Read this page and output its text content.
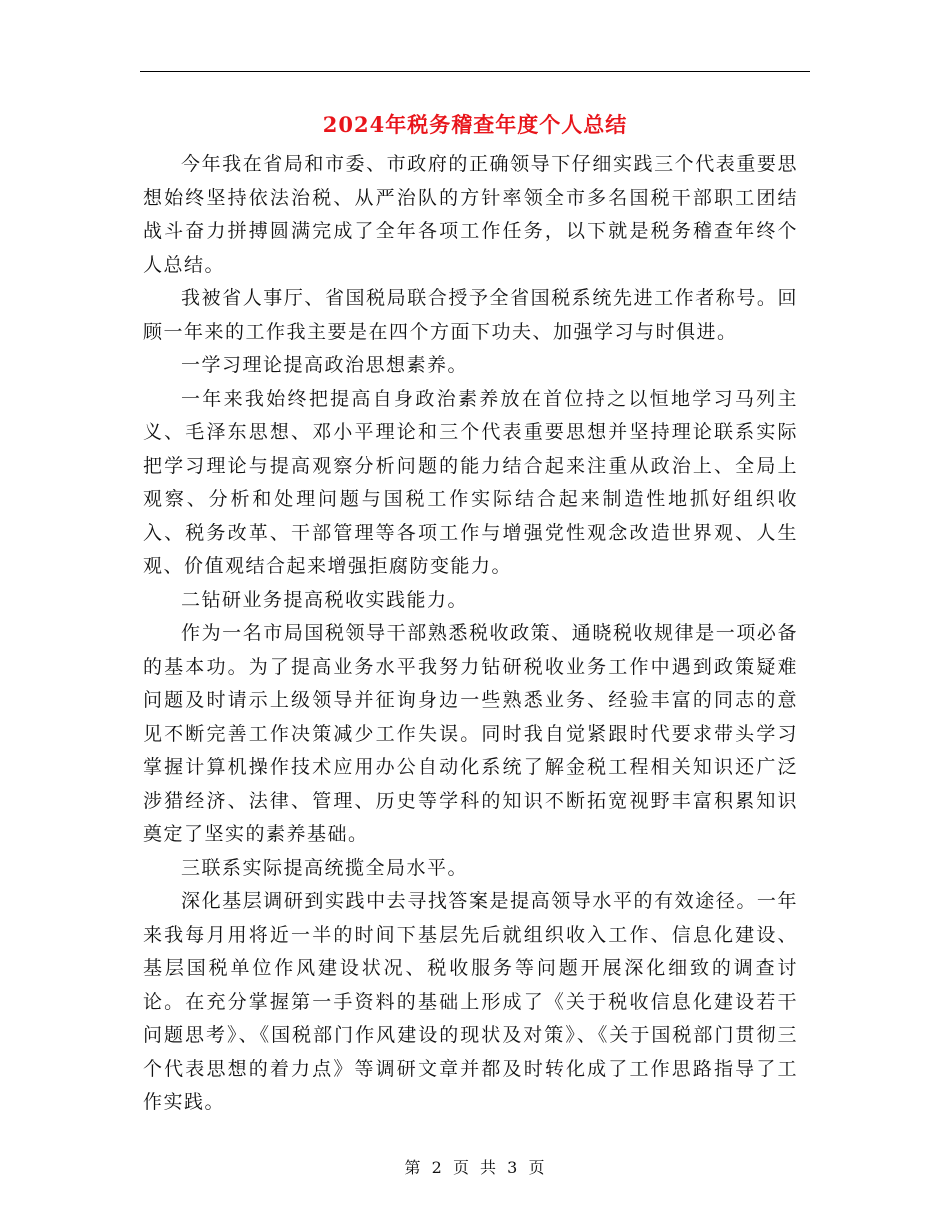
2024年税务稽查年度个人总结

今年我在省局和市委、市政府的正确领导下仔细实践三个代表重要思想始终坚持依法治税、从严治队的方针率领全市多名国税干部职工团结战斗奋力拼搏圆满完成了全年各项工作任务，以下就是税务稽查年终个人总结。

我被省人事厅、省国税局联合授予全省国税系统先进工作者称号。回顾一年来的工作我主要是在四个方面下功夫、加强学习与时俱进。

一学习理论提高政治思想素养。

一年来我始终把提高自身政治素养放在首位持之以恒地学习马列主义、毛泽东思想、邓小平理论和三个代表重要思想并坚持理论联系实际把学习理论与提高观察分析问题的能力结合起来注重从政治上、全局上观察、分析和处理问题与国税工作实际结合起来制造性地抓好组织收入、税务改革、干部管理等各项工作与增强党性观念改造世界观、人生观、价值观结合起来增强拒腐防变能力。

二钻研业务提高税收实践能力。

作为一名市局国税领导干部熟悉税收政策、通晓税收规律是一项必备的基本功。为了提高业务水平我努力钻研税收业务工作中遇到政策疑难问题及时请示上级领导并征询身边一些熟悉业务、经验丰富的同志的意见不断完善工作决策减少工作失误。同时我自觉紧跟时代要求带头学习掌握计算机操作技术应用办公自动化系统了解金税工程相关知识还广泛涉猎经济、法律、管理、历史等学科的知识不断拓宽视野丰富积累知识奠定了坚实的素养基础。

三联系实际提高统揽全局水平。

深化基层调研到实践中去寻找答案是提高领导水平的有效途径。一年来我每月用将近一半的时间下基层先后就组织收入工作、信息化建设、基层国税单位作风建设状况、税收服务等问题开展深化细致的调查讨论。在充分掌握第一手资料的基础上形成了《关于税收信息化建设若干问题思考》、《国税部门作风建设的现状及对策》、《关于国税部门贯彻三个代表思想的着力点》等调研文章并都及时转化成了工作思路指导了工作实践。

第 2 页 共 3 页
